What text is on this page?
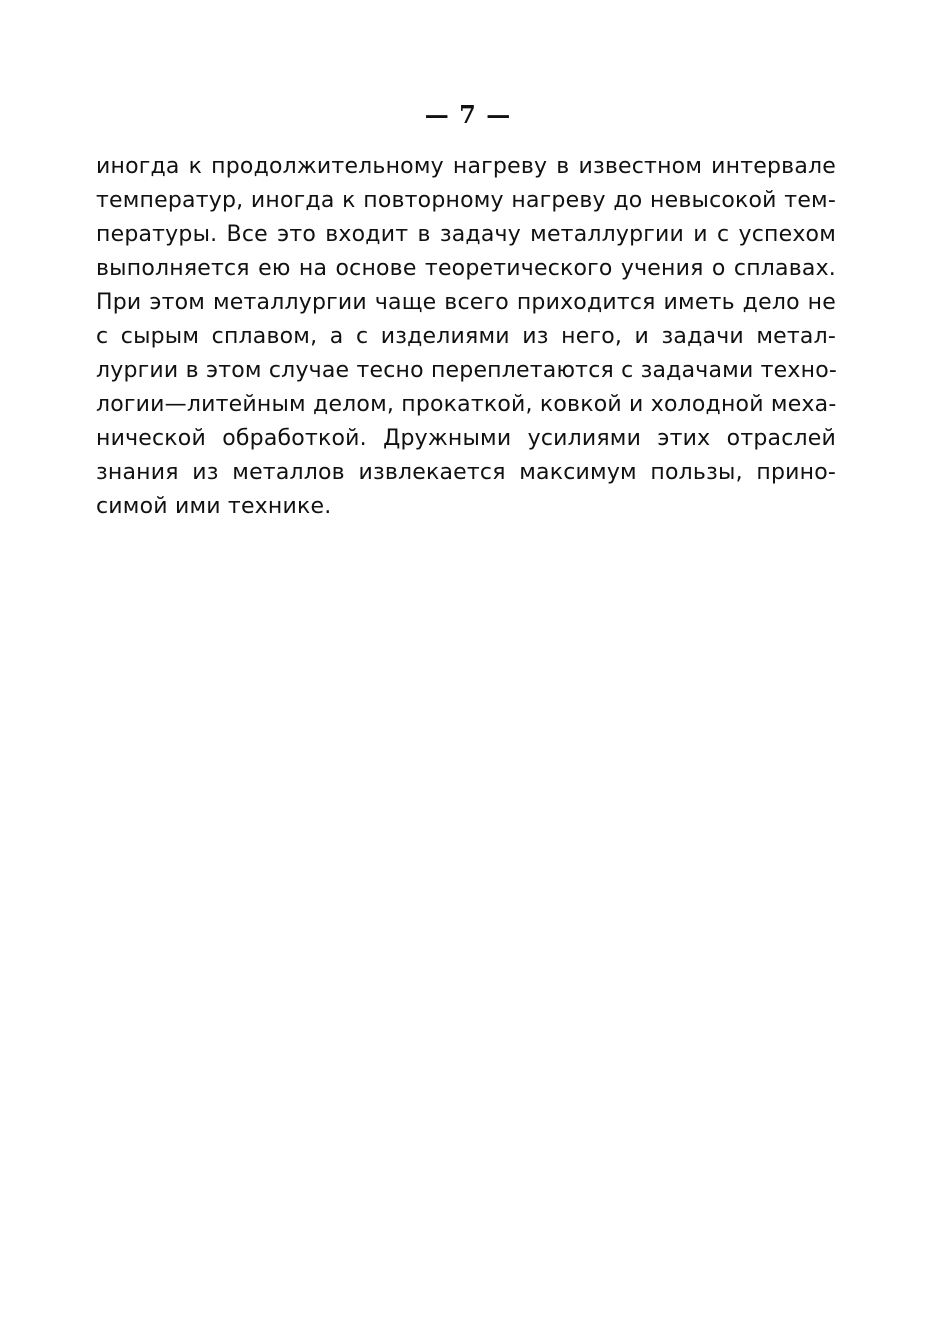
— 7 —
иногда к продолжительному нагреву в известном интервале
температур, иногда к повторному нагреву до невысокой тем-
пературы. Все это входит в задачу металлургии и с успехом
выполняется ею на основе теоретического учения о сплавах.
При этом металлургии чаще всего приходится иметь дело не
с сырым сплавом, а с изделиями из него, и задачи метал-
лургии в этом случае тесно переплетаются с задачами техно-
логии—литейным делом, прокаткой, ковкой и холодной меха-
нической обработкой. Дружными усилиями этих отраслей
знания из металлов извлекается максимум пользы, прино-
симой ими технике.
